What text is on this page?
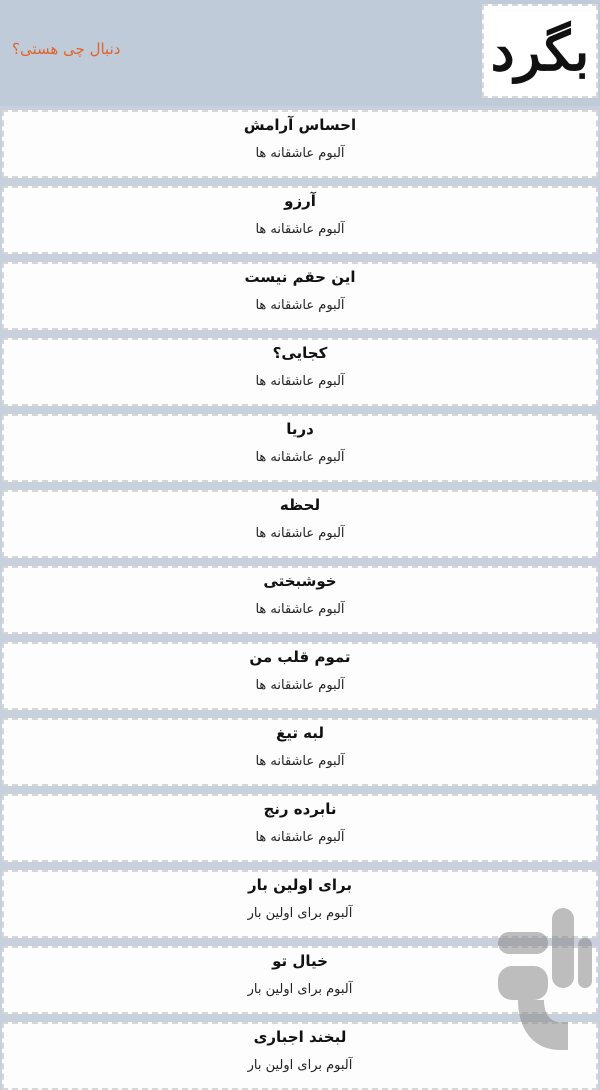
دنبال چی هستی؟	بگرد
احساس آرامش
آلبوم عاشقانه ها
آرزو
آلبوم عاشقانه ها
این حقم نیست
آلبوم عاشقانه ها
کجایی؟
آلبوم عاشقانه ها
دریا
آلبوم عاشقانه ها
لحظه
آلبوم عاشقانه ها
خوشبختی
آلبوم عاشقانه ها
تموم قلب من
آلبوم عاشقانه ها
لبه تیغ
آلبوم عاشقانه ها
نابرده رنج
آلبوم عاشقانه ها
برای اولین بار
آلبوم برای اولین بار
خیال تو
آلبوم برای اولین بار
لبخند اجباری
آلبوم برای اولین بار
